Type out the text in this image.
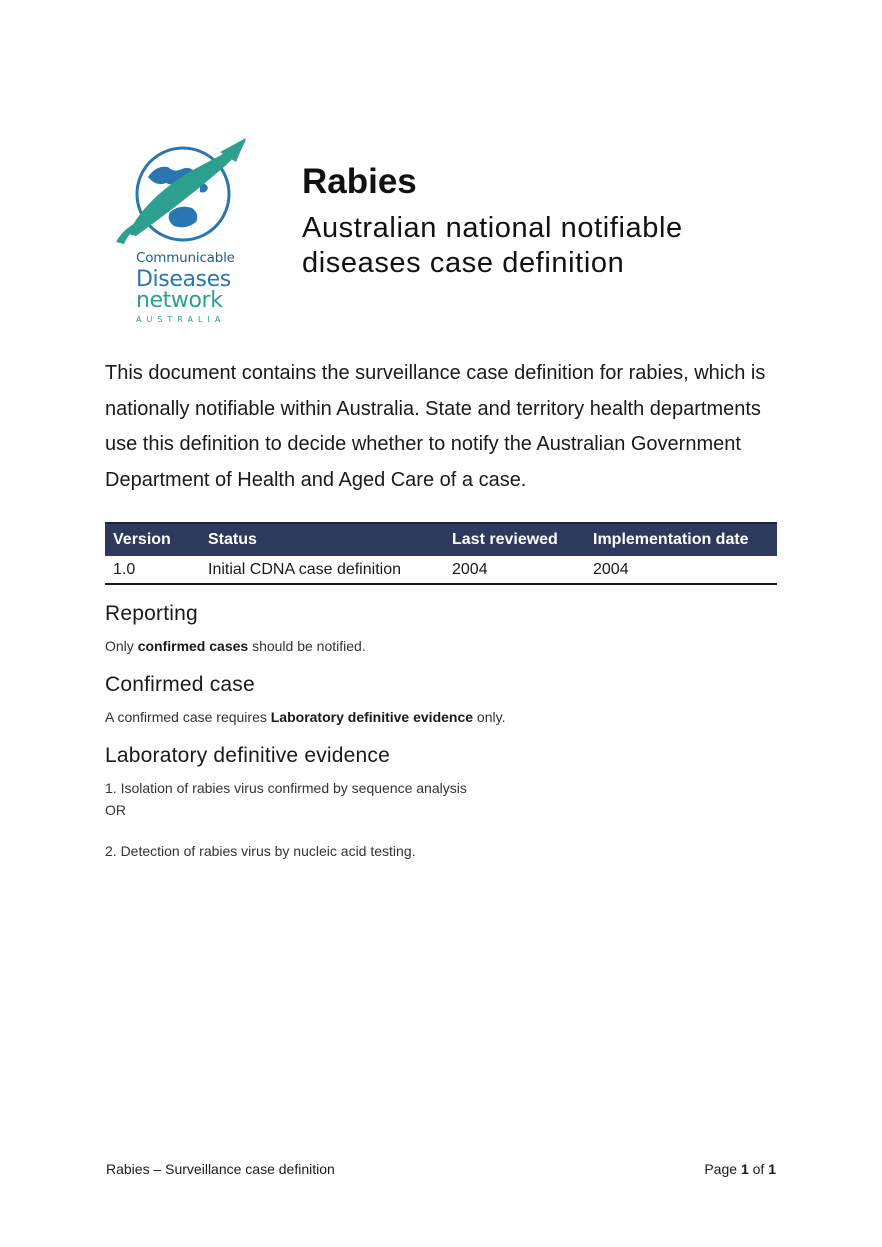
Communicable
Diseases
network
AUSTRALIA
Rabies
Australian national notifiable
diseases case definition
This document contains the surveillance case definition for rabies, which is nationally notifiable within Australia. State and territory health departments use this definition to decide whether to notify the Australian Government Department of Health and Aged Care of a case.
Version	Status	Last reviewed	Implementation date
1.0	Initial CDNA case definition	2004	2004
Reporting
Only confirmed cases should be notified.
Confirmed case
A confirmed case requires Laboratory definitive evidence only.
Laboratory definitive evidence
1. Isolation of rabies virus confirmed by sequence analysis
OR
2. Detection of rabies virus by nucleic acid testing.
Rabies – Surveillance case definition	Page 1 of 1
